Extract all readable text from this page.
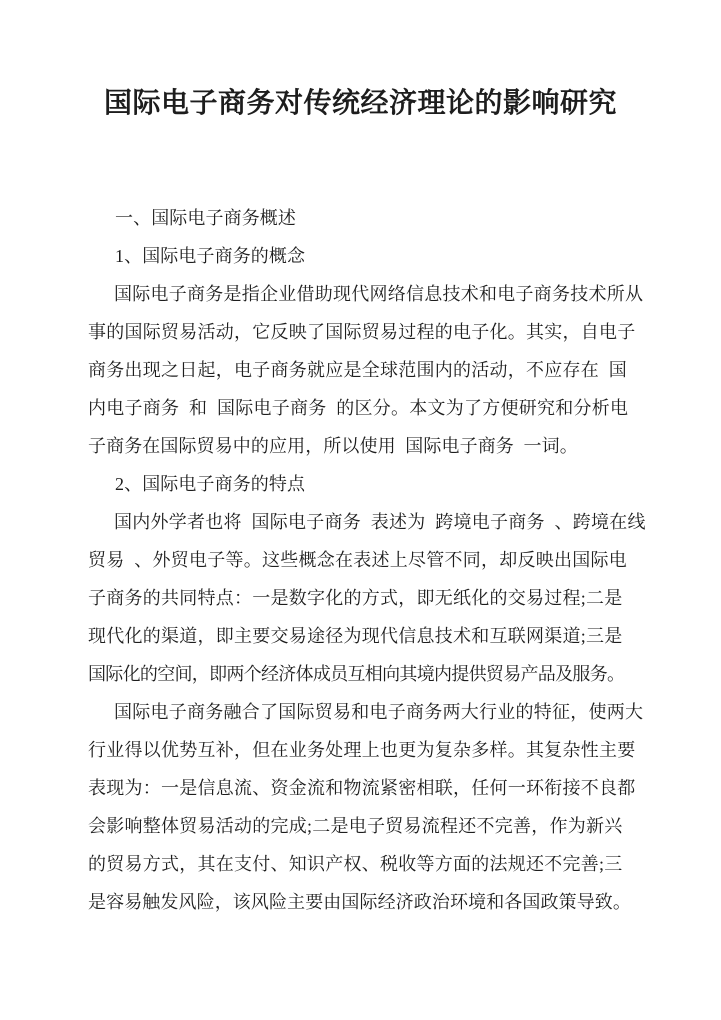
国际电子商务对传统经济理论的影响研究
一、国际电子商务概述
1、国际电子商务的概念
国际电子商务是指企业借助现代网络信息技术和电子商务技术所从
事的国际贸易活动，它反映了国际贸易过程的电子化。其实，自电子
商务出现之日起，电子商务就应是全球范围内的活动，不应存在 国
内电子商务 和 国际电子商务 的区分。本文为了方便研究和分析电
子商务在国际贸易中的应用，所以使用 国际电子商务 一词。
2、国际电子商务的特点
国内外学者也将 国际电子商务 表述为 跨境电子商务 、跨境在线
贸易 、外贸电子等。这些概念在表述上尽管不同，却反映出国际电
子商务的共同特点：一是数字化的方式，即无纸化的交易过程;二是
现代化的渠道，即主要交易途径为现代信息技术和互联网渠道;三是
国际化的空间，即两个经济体成员互相向其境内提供贸易产品及服务。
国际电子商务融合了国际贸易和电子商务两大行业的特征，使两大
行业得以优势互补，但在业务处理上也更为复杂多样。其复杂性主要
表现为：一是信息流、资金流和物流紧密相联，任何一环衔接不良都
会影响整体贸易活动的完成;二是电子贸易流程还不完善，作为新兴
的贸易方式，其在支付、知识产权、税收等方面的法规还不完善;三
是容易触发风险，该风险主要由国际经济政治环境和各国政策导致。
